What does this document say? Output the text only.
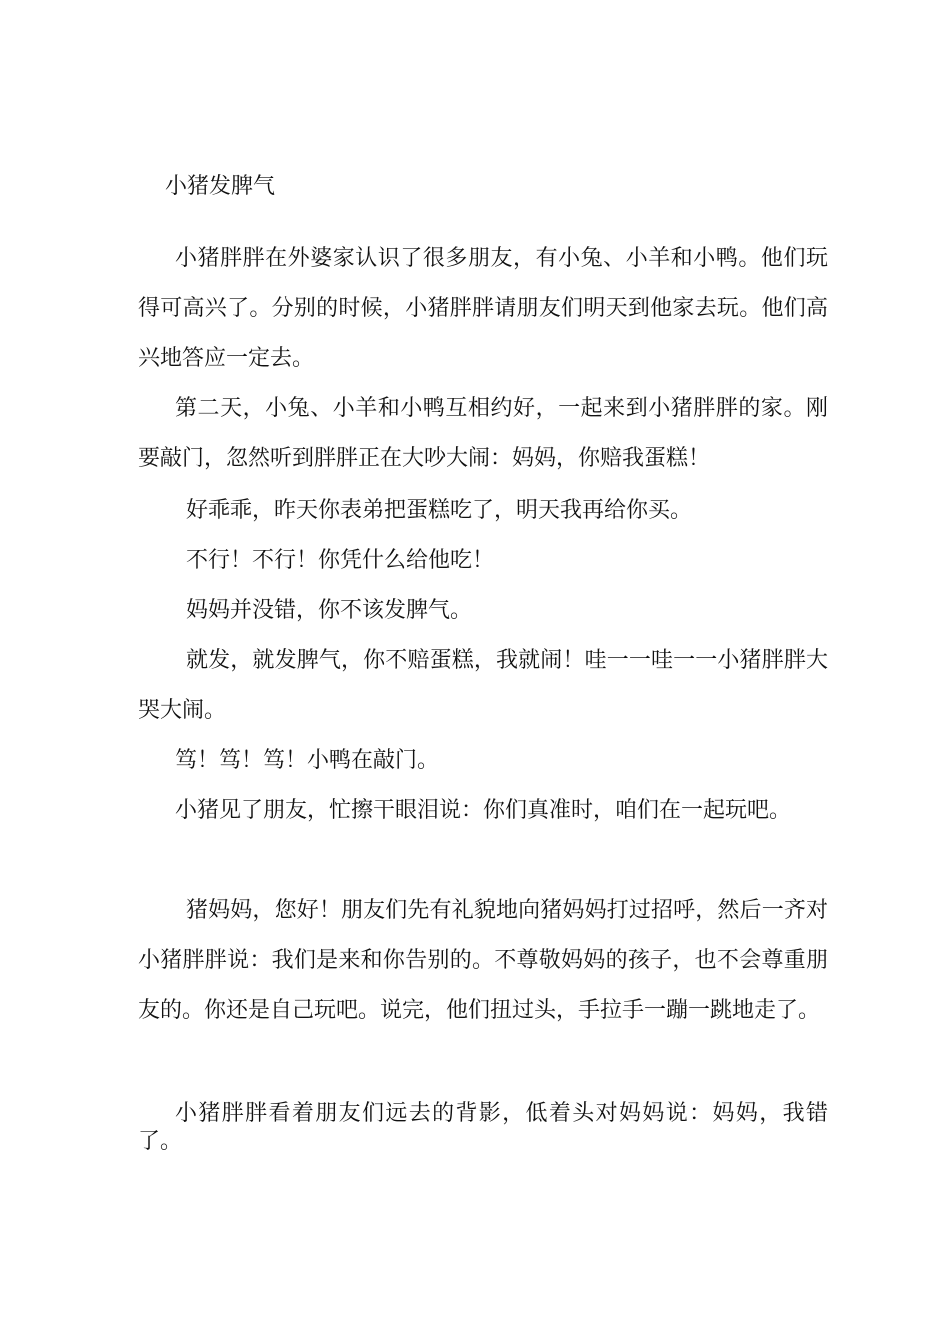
小猪发脾气

小猪胖胖在外婆家认识了很多朋友，有小兔、小羊和小鸭。他们玩得可高兴了。分别的时候，小猪胖胖请朋友们明天到他家去玩。他们高兴地答应一定去。

第二天，小兔、小羊和小鸭互相约好，一起来到小猪胖胖的家。刚要敲门，忽然听到胖胖正在大吵大闹：妈妈，你赔我蛋糕！

好乖乖，昨天你表弟把蛋糕吃了，明天我再给你买。

不行！不行！你凭什么给他吃！

妈妈并没错，你不该发脾气。

就发，就发脾气，你不赔蛋糕，我就闹！哇一一哇一一小猪胖胖大哭大闹。

笃！笃！笃！小鸭在敲门。

小猪见了朋友，忙擦干眼泪说：你们真准时，咱们在一起玩吧。

猪妈妈，您好！朋友们先有礼貌地向猪妈妈打过招呼，然后一齐对小猪胖胖说：我们是来和你告别的。不尊敬妈妈的孩子，也不会尊重朋友的。你还是自己玩吧。说完，他们扭过头，手拉手一蹦一跳地走了。

小猪胖胖看着朋友们远去的背影，低着头对妈妈说：妈妈，我错了。
